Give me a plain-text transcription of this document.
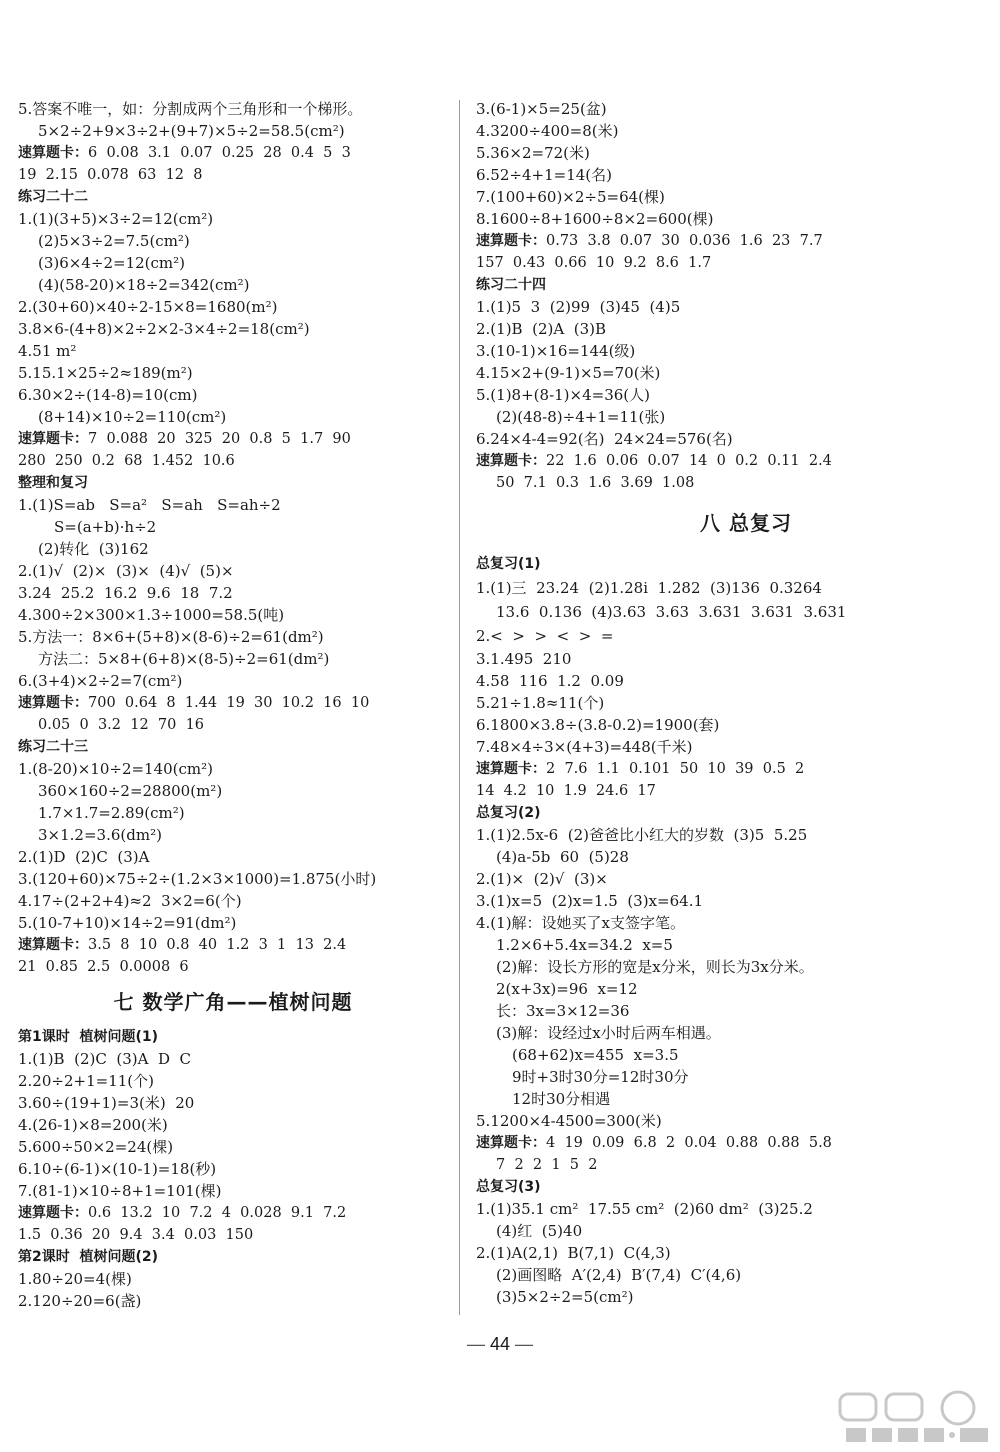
5.答案不唯一，如：分割成两个三角形和一个梯形。
5×2÷2+9×3÷2+(9+7)×5÷2=58.5(cm²)
速算题卡：6  0.08  3.1  0.07  0.25  28  0.4  5  3
19  2.15  0.078  63  12  8
练习二十二
1.(1)(3+5)×3÷2=12(cm²)
(2)5×3÷2=7.5(cm²)
(3)6×4÷2=12(cm²)
(4)(58-20)×18÷2=342(cm²)
2.(30+60)×40÷2-15×8=1680(m²)
3.8×6-(4+8)×2÷2×2-3×4÷2=18(cm²)
4.51 m²
5.15.1×25÷2≈189(m²)
6.30×2÷(14-8)=10(cm)
(8+14)×10÷2=110(cm²)
速算题卡：7  0.088  20  325  20  0.8  5  1.7  90
280  250  0.2  68  1.452  10.6
整理和复习
1.(1)S=ab   S=a²   S=ah   S=ah÷2
S=(a+b)·h÷2
(2)转化  (3)162
2.(1)√  (2)×  (3)×  (4)√  (5)×
3.24  25.2  16.2  9.6  18  7.2
4.300÷2×300×1.3÷1000=58.5(吨)
5.方法一：8×6+(5+8)×(8-6)÷2=61(dm²)
方法二：5×8+(6+8)×(8-5)÷2=61(dm²)
6.(3+4)×2÷2=7(cm²)
速算题卡：700  0.64  8  1.44  19  30  10.2  16  10
0.05  0  3.2  12  70  16
练习二十三
1.(8-20)×10÷2=140(cm²)
360×160÷2=28800(m²)
1.7×1.7=2.89(cm²)
3×1.2=3.6(dm²)
2.(1)D  (2)C  (3)A
3.(120+60)×75÷2÷(1.2×3×1000)=1.875(小时)
4.17÷(2+2+4)≈2  3×2=6(个)
5.(10-7+10)×14÷2=91(dm²)
速算题卡：3.5  8  10  0.8  40  1.2  3  1  13  2.4
21  0.85  2.5  0.0008  6
七 数学广角——植树问题
第1课时  植树问题(1)
1.(1)B  (2)C  (3)A  D  C
2.20÷2+1=11(个)
3.60÷(19+1)=3(米)  20
4.(26-1)×8=200(米)
5.600÷50×2=24(棵)
6.10÷(6-1)×(10-1)=18(秒)
7.(81-1)×10÷8+1=101(棵)
速算题卡：0.6  13.2  10  7.2  4  0.028  9.1  7.2
1.5  0.36  20  9.4  3.4  0.03  150
第2课时  植树问题(2)
1.80÷20=4(棵)
2.120÷20=6(盏)
3.(6-1)×5=25(盆)
4.3200÷400=8(米)
5.36×2=72(米)
6.52÷4+1=14(名)
7.(100+60)×2÷5=64(棵)
8.1600÷8+1600÷8×2=600(棵)
速算题卡：0.73  3.8  0.07  30  0.036  1.6  23  7.7
157  0.43  0.66  10  9.2  8.6  1.7
练习二十四
1.(1)5  3  (2)99  (3)45  (4)5
2.(1)B  (2)A  (3)B
3.(10-1)×16=144(级)
4.15×2+(9-1)×5=70(米)
5.(1)8+(8-1)×4=36(人)
(2)(48-8)÷4+1=11(张)
6.24×4-4=92(名)  24×24=576(名)
速算题卡：22  1.6  0.06  0.07  14  0  0.2  0.11  2.4
50  7.1  0.3  1.6  3.69  1.08
八 总复习
总复习(1)
1.(1)三  23.24  (2)1.28i  1.282  (3)136  0.3264
13.6  0.136  (4)3.63  3.63  3.631  3.631  3.631
2.<  >  >  <  >  =
3.1.495  210
4.58  116  1.2  0.09
5.21÷1.8≈11(个)
6.1800×3.8÷(3.8-0.2)=1900(套)
7.48×4÷3×(4+3)=448(千米)
速算题卡：2  7.6  1.1  0.101  50  10  39  0.5  2
14  4.2  10  1.9  24.6  17
总复习(2)
1.(1)2.5x-6  (2)爸爸比小红大的岁数  (3)5  5.25
(4)a-5b  60  (5)28
2.(1)×  (2)√  (3)×
3.(1)x=5  (2)x=1.5  (3)x=64.1
4.(1)解：设她买了x支签字笔。
1.2×6+5.4x=34.2  x=5
(2)解：设长方形的宽是x分米，则长为3x分米。
2(x+3x)=96  x=12
长：3x=3×12=36
(3)解：设经过x小时后两车相遇。
(68+62)x=455  x=3.5
9时+3时30分=12时30分
12时30分相遇
5.1200×4-4500=300(米)
速算题卡：4  19  0.09  6.8  2  0.04  0.88  0.88  5.8
7  2  2  1  5  2
总复习(3)
1.(1)35.1 cm²  17.55 cm²  (2)60 dm²  (3)25.2
(4)红  (5)40
2.(1)A(2,1)  B(7,1)  C(4,3)
(2)画图略  A′(2,4)  B′(7,4)  C′(4,6)
(3)5×2÷2=5(cm²)
— 44 —
